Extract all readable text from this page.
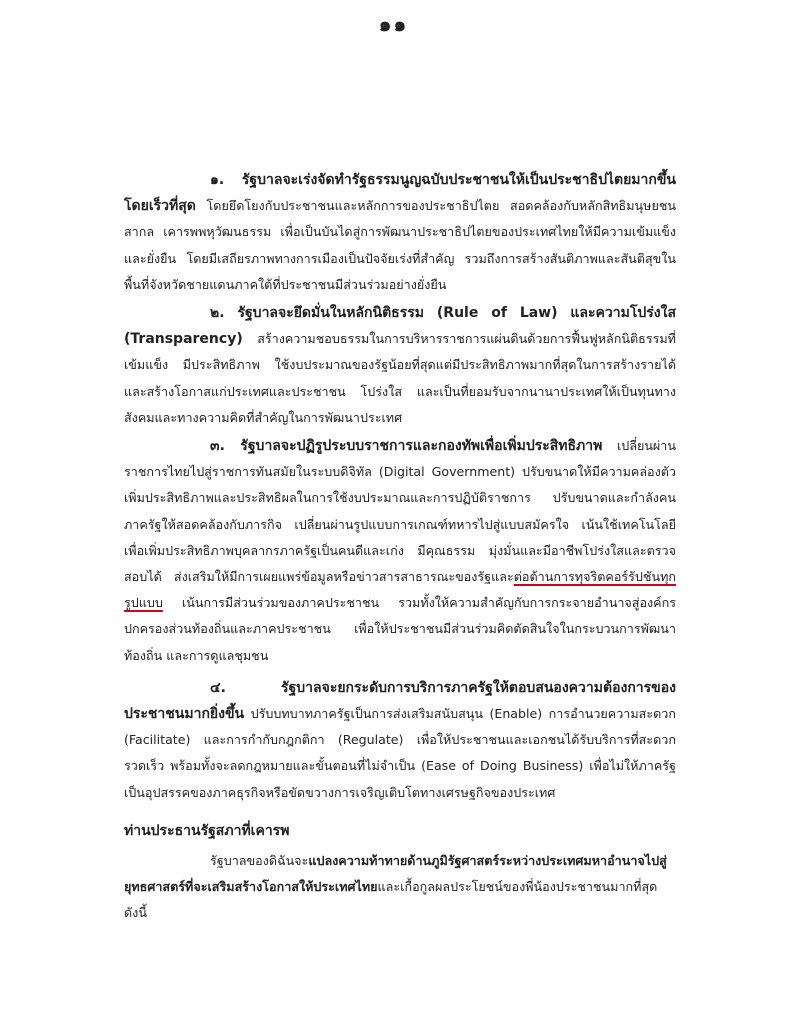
๑๑

๑. รัฐบาลจะเร่งจัดทำรัฐธรรมนูญฉบับประชาชนให้เป็นประชาธิปไตยมากขึ้นโดยเร็วที่สุด โดยยึดโยงกับประชาชนและหลักการของประชาธิปไตย สอดคล้องกับหลักสิทธิมนุษยชนสากล เคารพพหุวัฒนธรรม เพื่อเป็นบันไดสู่การพัฒนาประชาธิปไตยของประเทศไทยให้มีความเข้มแข็งและยั่งยืน โดยมีเสถียรภาพทางการเมืองเป็นปัจจัยเร่งที่สำคัญ รวมถึงการสร้างสันติภาพและสันติสุขในพื้นที่จังหวัดชายแดนภาคใต้ที่ประชาชนมีส่วนร่วมอย่างยั่งยืน

๒. รัฐบาลจะยึดมั่นในหลักนิติธรรม (Rule of Law) และความโปร่งใส (Transparency) สร้างความชอบธรรมในการบริหารราชการแผ่นดินด้วยการฟื้นฟูหลักนิติธรรมที่เข้มแข็ง มีประสิทธิภาพ ใช้งบประมาณของรัฐน้อยที่สุดแต่มีประสิทธิภาพมากที่สุดในการสร้างรายได้และสร้างโอกาสแก่ประเทศและประชาชน โปร่งใส และเป็นที่ยอมรับจากนานาประเทศให้เป็นทุนทางสังคมและทางความคิดที่สำคัญในการพัฒนาประเทศ

๓. รัฐบาลจะปฏิรูประบบราชการและกองทัพเพื่อเพิ่มประสิทธิภาพ เปลี่ยนผ่านราชการไทยไปสู่ราชการทันสมัยในระบบดิจิทัล (Digital Government) ปรับขนาดให้มีความคล่องตัว เพิ่มประสิทธิภาพและประสิทธิผลในการใช้งบประมาณและการปฏิบัติราชการ ปรับขนาดและกำลังคนภาครัฐให้สอดคล้องกับภารกิจ เปลี่ยนผ่านรูปแบบการเกณฑ์ทหารไปสู่แบบสมัครใจ เน้นใช้เทคโนโลยีเพื่อเพิ่มประสิทธิภาพบุคลากรภาครัฐเป็นคนดีและเก่ง มีคุณธรรม มุ่งมั่นและมีอาชีพโปร่งใสและตรวจสอบได้ ส่งเสริมให้มีการเผยแพร่ข้อมูลหรือข่าวสารสาธารณะของรัฐและต่อต้านการทุจริตคอร์รัปชันทุกรูปแบบ เน้นการมีส่วนร่วมของภาคประชาชน รวมทั้งให้ความสำคัญกับการกระจายอำนาจสู่องค์กรปกครองส่วนท้องถิ่นและภาคประชาชน เพื่อให้ประชาชนมีส่วนร่วมคิดตัดสินใจในกระบวนการพัฒนาท้องถิ่น และการดูแลชุมชน

๔. รัฐบาลจะยกระดับการบริการภาครัฐให้ตอบสนองความต้องการของประชาชนมากยิ่งขึ้น ปรับบทบาทภาครัฐเป็นการส่งเสริมสนับสนุน (Enable) การอำนวยความสะดวก (Facilitate) และการกำกับกฎกติกา (Regulate) เพื่อให้ประชาชนและเอกชนได้รับบริการที่สะดวก รวดเร็ว พร้อมทั้งจะลดกฎหมายและขั้นตอนที่ไม่จำเป็น (Ease of Doing Business) เพื่อไม่ให้ภาครัฐเป็นอุปสรรคของภาคธุรกิจหรือขัดขวางการเจริญเติบโตทางเศรษฐกิจของประเทศ

ท่านประธานรัฐสภาที่เคารพ

รัฐบาลของดิฉันจะแปลงความท้าทายด้านภูมิรัฐศาสตร์ระหว่างประเทศมหาอำนาจไปสู่ยุทธศาสตร์ที่จะเสริมสร้างโอกาสให้ประเทศไทยและเกื้อกูลผลประโยชน์ของพี่น้องประชาชนมากที่สุด ดังนี้
